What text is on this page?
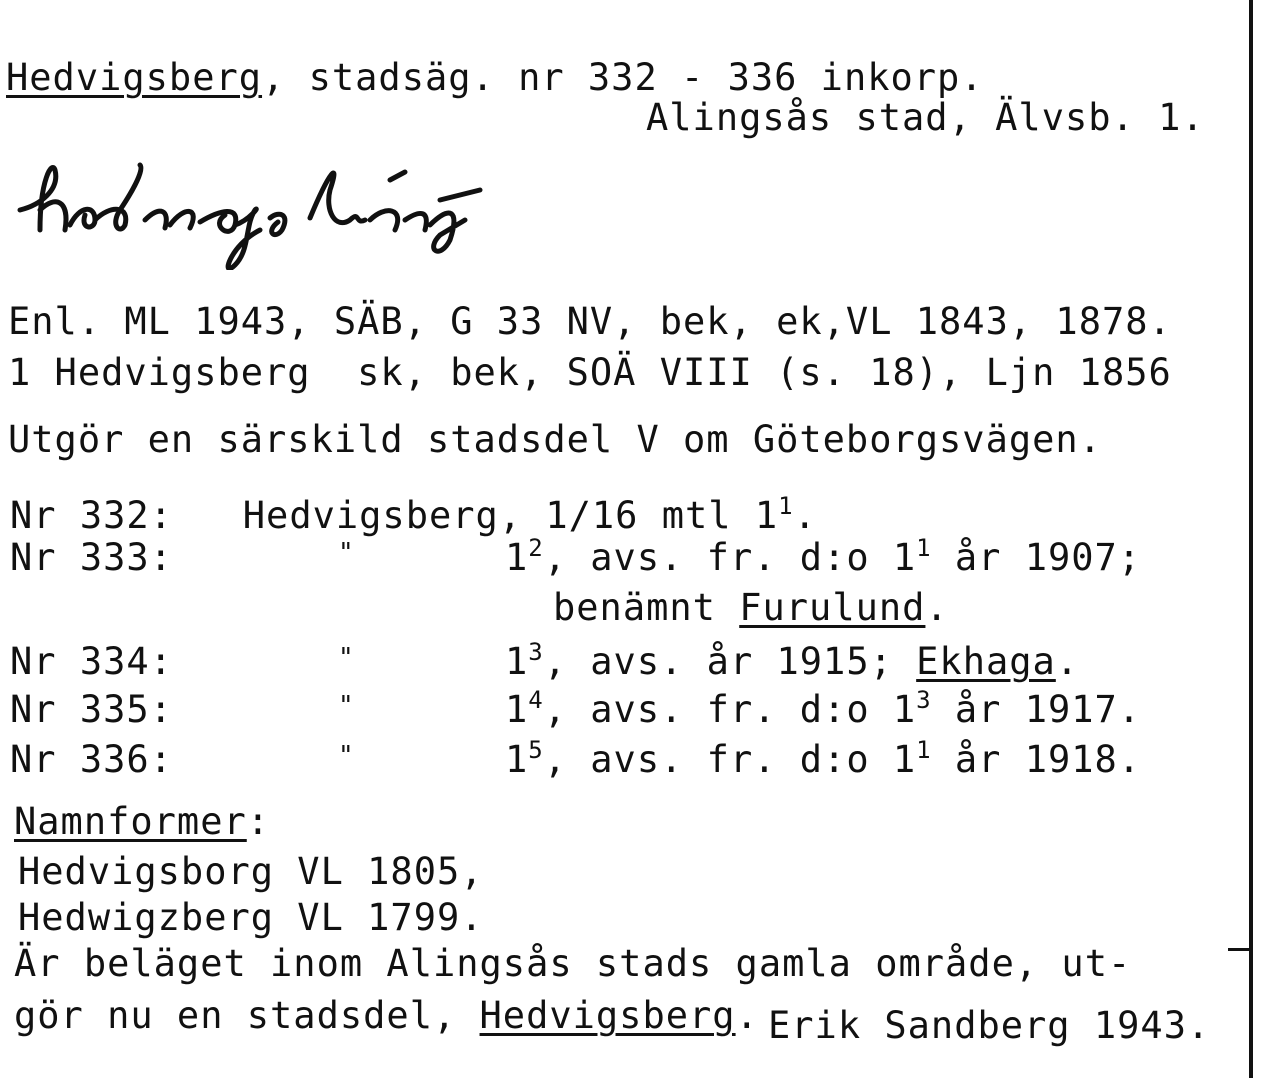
Hedvigsberg, stadsäg. nr 332 - 336 inkorp.
Alingsås stad, Älvsb. 1.
hædvegsbæj
Enl. ML 1943, SÄB, G 33 NV, bek, ek,VL 1843, 1878.
1 Hedvigsberg  sk, bek, SOÄ VIII (s. 18), Ljn 1856
Utgör en särskild stadsdel V om Göteborgsvägen.
Nr 332: Hedvigsberg, 1/16 mtl $1^1$.
Nr 333:	"	$1^2$, avs. fr. d:o $1^1$ år 1907;
benämnt Furulund.
Nr 334:	"	$1^3$, avs. år 1915; Ekhaga.
Nr 335:	"	$1^4$, avs. fr. d:o $1^3$ år 1917.
Nr 336:	"	$1^5$, avs. fr. d:o $1^1$ år 1918.
Namnformer:
Hedvigsborg VL 1805,
Hedwigzberg VL 1799.
Är beläget inom Alingsås stads gamla område, ut-
gör nu en stadsdel, Hedvigsberg. Erik Sandberg 1943.
